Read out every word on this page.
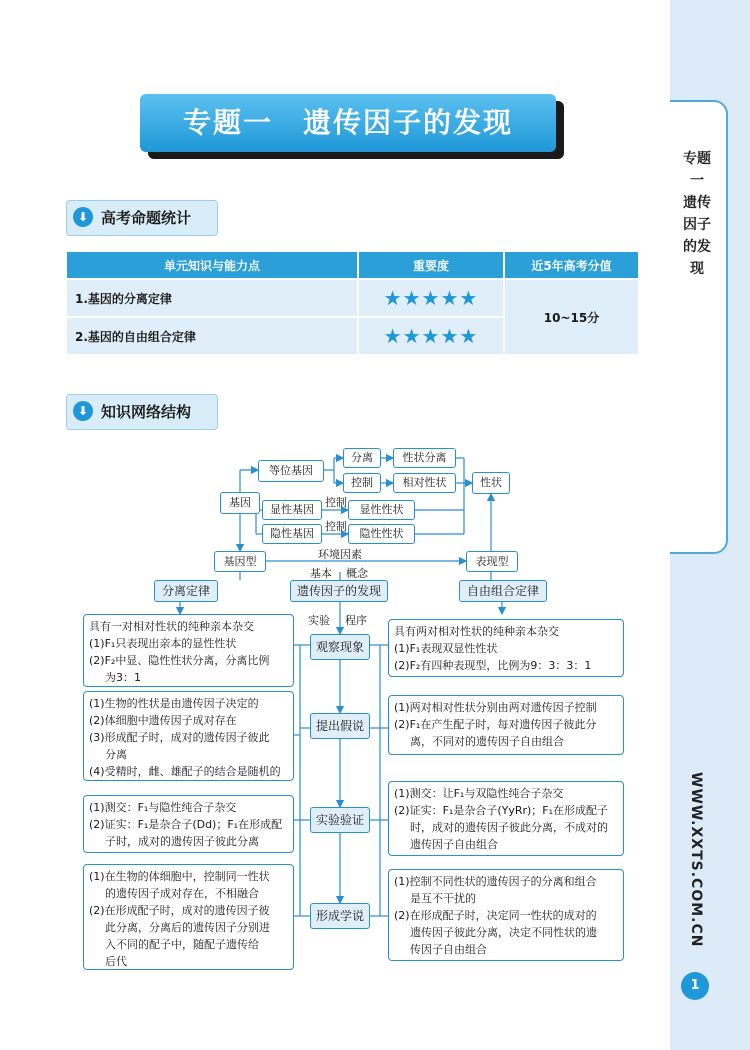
专题一　遗传因子的发现
WWW.XXTS.COM.CN
1
专题一　遗传因子的发现
⬇ 高考命题统计
单元知识与能力点	重要度	近5年高考分值
1.基因的分离定律	★★★★★	10~15分
2.基因的自由组合定律	★★★★★	
⬇ 知识网络结构
等位基因
基因
分离	性状分离
控制	相对性状	性状
显性基因	显性性状
隐性基因	隐性性状
基因型	表现型
分离定律	遗传因子的发现	自由组合定律
观察现象
提出假说
实验验证
形成学说
控制
控制
环境因素
基本 概念
实验 程序
具有一对相对性状的纯种亲本杂交
(1)F₁只表现出亲本的显性性状
(2)F₂中显、隐性性状分离，分离比例
为3：1
(1)生物的性状是由遗传因子决定的
(2)体细胞中遗传因子成对存在
(3)形成配子时，成对的遗传因子彼此
分离
(4)受精时，雌、雄配子的结合是随机的
(1)测交：F₁与隐性纯合子杂交
(2)证实：F₁是杂合子(Dd)；F₁在形成配
子时，成对的遗传因子彼此分离
(1)在生物的体细胞中，控制同一性状
的遗传因子成对存在，不相融合
(2)在形成配子时，成对的遗传因子彼
此分离，分离后的遗传因子分别进
入不同的配子中，随配子遗传给
后代
具有两对相对性状的纯种亲本杂交
(1)F₁表现双显性性状
(2)F₂有四种表现型，比例为9：3：3：1
(1)两对相对性状分别由两对遗传因子控制
(2)F₁在产生配子时，每对遗传因子彼此分
离，不同对的遗传因子自由组合
(1)测交：让F₁与双隐性纯合子杂交
(2)证实：F₁是杂合子(YyRr)；F₁在形成配子
时，成对的遗传因子彼此分离，不成对的
遗传因子自由组合
(1)控制不同性状的遗传因子的分离和组合
是互不干扰的
(2)在形成配子时，决定同一性状的成对的
遗传因子彼此分离，决定不同性状的遗
传因子自由组合
